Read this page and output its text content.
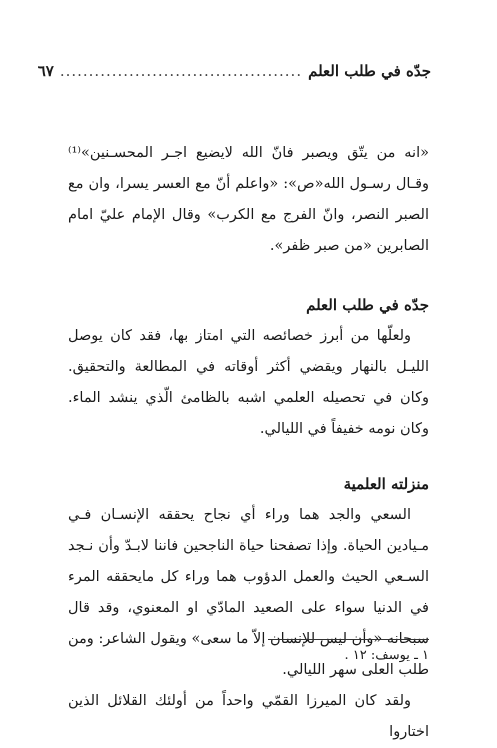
جدّه في طلب العلم
..........................................
٦٧

«انه من يتّق ويصبر فانّ الله لايضيع اجـر المحسـنين»⁽¹⁾ وقـال رسـول الله«ص»: «واعلم أنّ مع العسر يسرا، وان مع الصبر النصر، وانّ الفرج مع الكرب» وقال الإمام عليّ امام الصابرين «من صبر ظفر».

جدّه في طلب العلم

ولعلّها من أبرز خصائصه التي امتاز بها، فقد كان يوصل الليـل بالنهار ويقضي أكثر أوقاته في المطالعة والتحقيق. وكان في تحصيله العلمي اشبه بالظامئ الّذي ينشد الماء. وكان نومه خفيفاً في الليالي.

منزلته العلمية

السعي والجد هما وراء أي نجاح يحققه الإنسـان فـي مـيادين الحياة. وإذا تصفحنا حياة الناجحين فاننا لابـدّ وأن نـجد السـعي الحيث والعمل الدؤوب هما وراء كل مايحققه المرء في الدنيا سواء على الصعيد المادّي او المعنوي، وقد قال سبحانه «وأن ليس للإنسان إلاّ ما سعى» ويقول الشاعر: ومن طلب العلى سهر الليالي.

ولقد كان الميرزا القمّي واحداً من أولئك القلائل الذين اختاروا

١ ـ يوسف: ١٢ .
